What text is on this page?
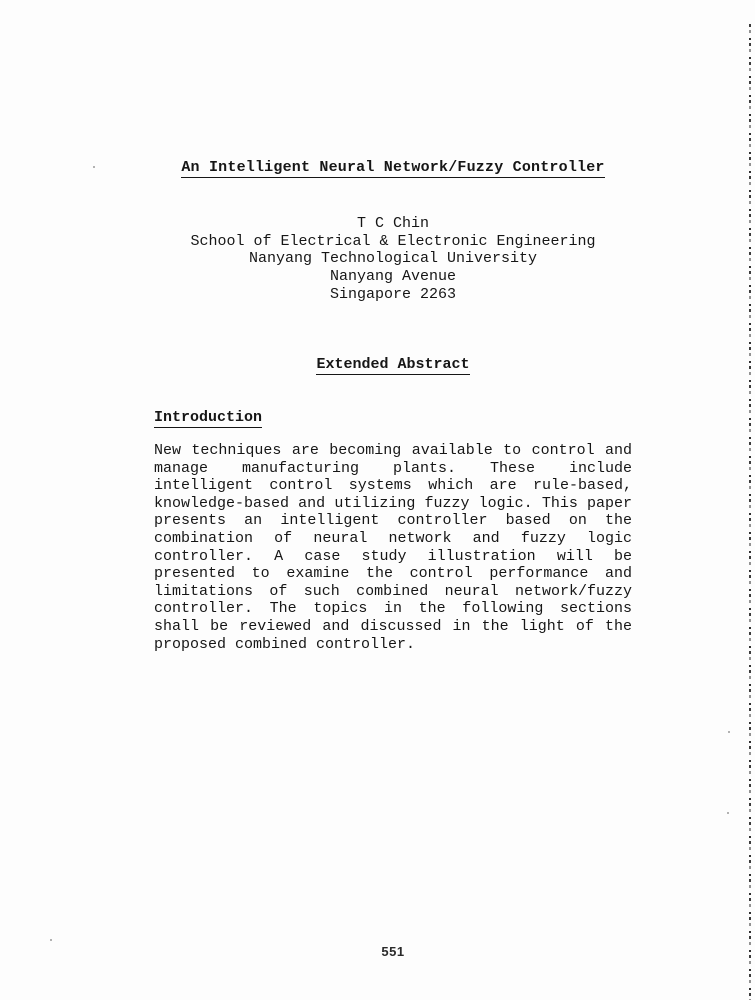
An Intelligent Neural Network/Fuzzy Controller
T C Chin
School of Electrical & Electronic Engineering
Nanyang Technological University
Nanyang Avenue
Singapore 2263
Extended Abstract
Introduction
New techniques are becoming available to control and manage manufacturing plants. These include intelligent control systems which are rule-based, knowledge-based and utilizing fuzzy logic. This paper presents an intelligent controller based on the combination of neural network and fuzzy logic controller. A case study illustration will be presented to examine the control performance and limitations of such combined neural network/fuzzy controller. The topics in the following sections shall be reviewed and discussed in the light of the proposed combined controller.
551
